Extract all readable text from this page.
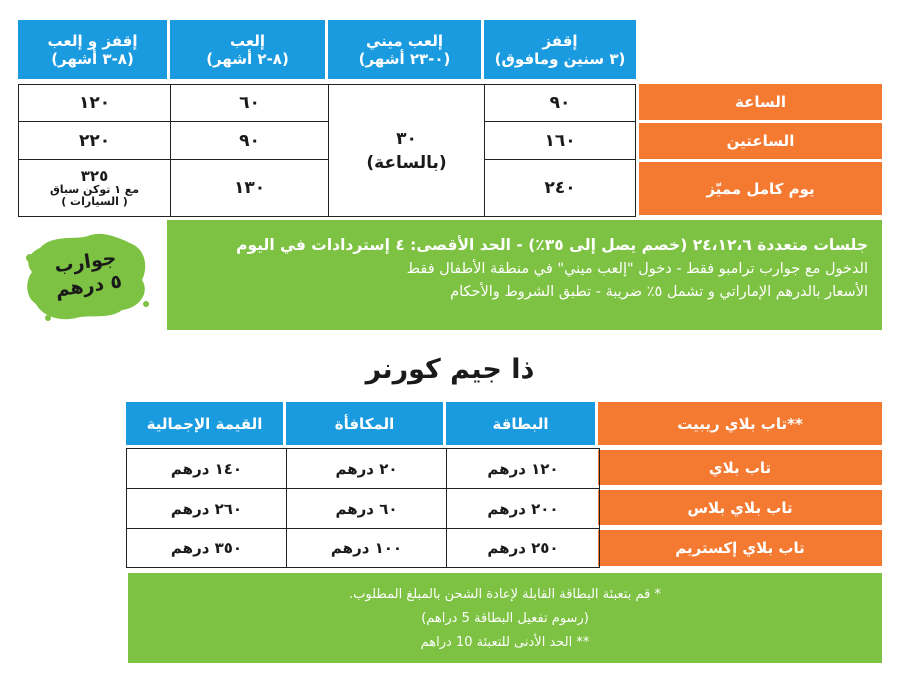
إقفز
(٣ سنين ومافوق)
إلعب ميني
(٠-٢٣ أشهر)
إلعب
(٨-٢ أشهر)
إقفز و إلعب
(٨-٣ أشهر)
الساعة
الساعتين
يوم كامل مميّز
٩٠
١٦٠
٢٤٠
٣٠
(بالساعة)
٦٠
٩٠
١٣٠
١٢٠
٢٢٠
٣٢٥
مع ١ توكن سباق
( السيارات )
جوارب
٥ درهم
جلسات متعددة ٢٤،١٢،٦ (خصم يصل إلى ٣٥٪) - الحد الأقصى: ٤ إستردادات في اليوم
الدخول مع جوارب ترامبو فقط - دخول "إلعب ميني" في منطقة الأطفال فقط
الأسعار بالدرهم الإماراتي و تشمل ٥٪ ضريبة - تطبق الشروط والأحكام
ذا جيم كورنر
**تاب بلاي ريبيت
البطاقة
المكافأة
القيمة الإجمالية
تاب بلاي
تاب بلاي بلاس
تاب بلاي إكستريم
١٢٠ درهم
٢٠ درهم
١٤٠ درهم
٢٠٠ درهم
٦٠ درهم
٢٦٠ درهم
٢٥٠ درهم
١٠٠ درهم
٣٥٠ درهم
* قم بتعبئة البطاقة القابلة لإعادة الشحن بالمبلغ المطلوب.
(رسوم تفعيل البطاقة 5 دراهم)
** الحد الأدنى للتعبئة 10 دراهم
